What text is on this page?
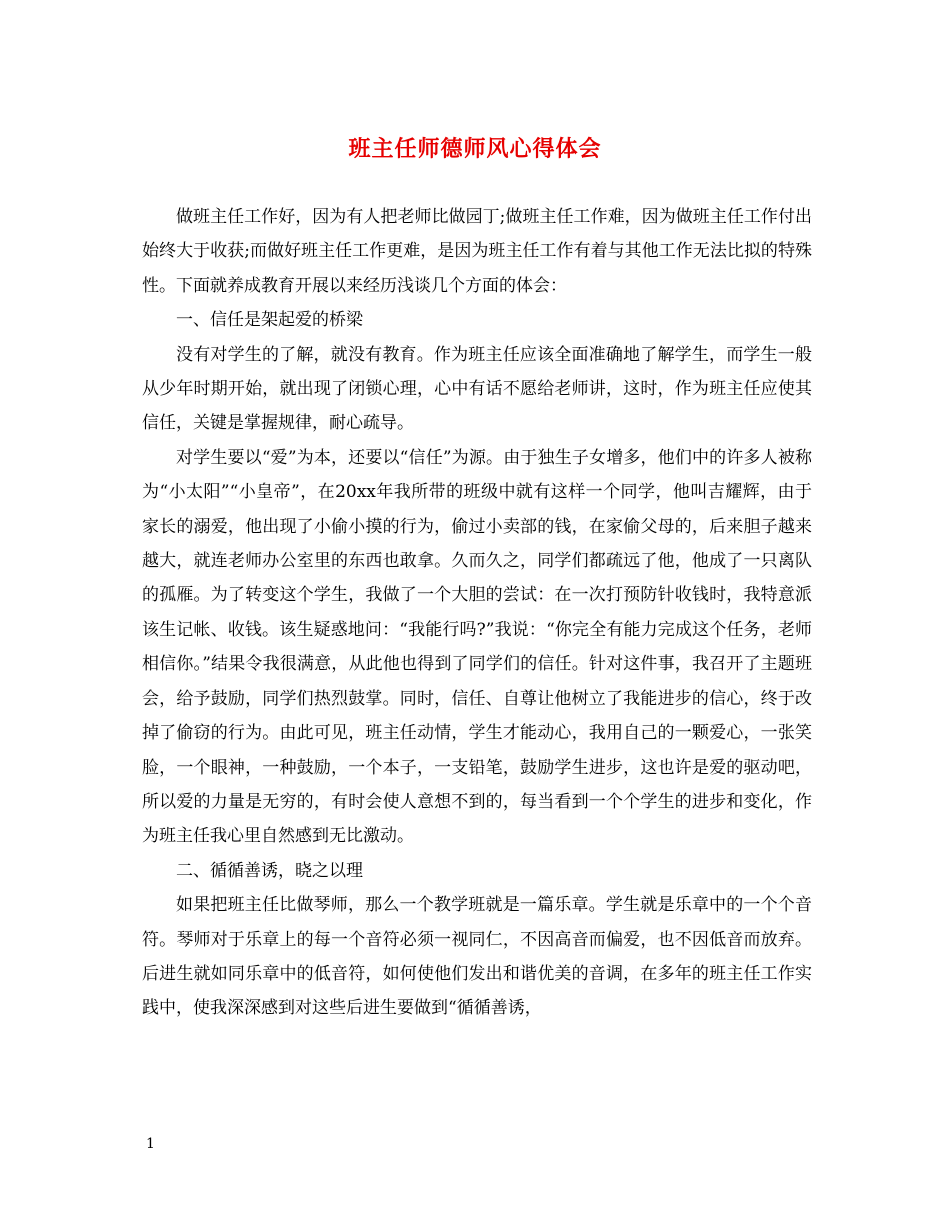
班主任师德师风心得体会

做班主任工作好，因为有人把老师比做园丁;做班主任工作难，因为做班主任工作付出始终大于收获;而做好班主任工作更难，是因为班主任工作有着与其他工作无法比拟的特殊性。下面就养成教育开展以来经历浅谈几个方面的体会：

一、信任是架起爱的桥梁

没有对学生的了解，就没有教育。作为班主任应该全面准确地了解学生，而学生一般从少年时期开始，就出现了闭锁心理，心中有话不愿给老师讲，这时，作为班主任应使其信任，关键是掌握规律，耐心疏导。

对学生要以“爱”为本，还要以“信任”为源。由于独生子女增多，他们中的许多人被称为“小太阳”“小皇帝”，在20xx年我所带的班级中就有这样一个同学，他叫吉耀辉，由于家长的溺爱，他出现了小偷小摸的行为，偷过小卖部的钱，在家偷父母的，后来胆子越来越大，就连老师办公室里的东西也敢拿。久而久之，同学们都疏远了他，他成了一只离队的孤雁。为了转变这个学生，我做了一个大胆的尝试：在一次打预防针收钱时，我特意派该生记帐、收钱。该生疑惑地问：“我能行吗?”我说：“你完全有能力完成这个任务，老师相信你。”结果令我很满意，从此他也得到了同学们的信任。针对这件事，我召开了主题班会，给予鼓励，同学们热烈鼓掌。同时，信任、自尊让他树立了我能进步的信心，终于改掉了偷窃的行为。由此可见，班主任动情，学生才能动心，我用自己的一颗爱心，一张笑脸，一个眼神，一种鼓励，一个本子，一支铅笔，鼓励学生进步，这也许是爱的驱动吧，所以爱的力量是无穷的，有时会使人意想不到的，每当看到一个个学生的进步和变化，作为班主任我心里自然感到无比激动。

二、循循善诱，晓之以理

如果把班主任比做琴师，那么一个教学班就是一篇乐章。学生就是乐章中的一个个音符。琴师对于乐章上的每一个音符必须一视同仁，不因高音而偏爱，也不因低音而放弃。后进生就如同乐章中的低音符，如何使他们发出和谐优美的音调，在多年的班主任工作实践中，使我深深感到对这些后进生要做到“循循善诱，

1
